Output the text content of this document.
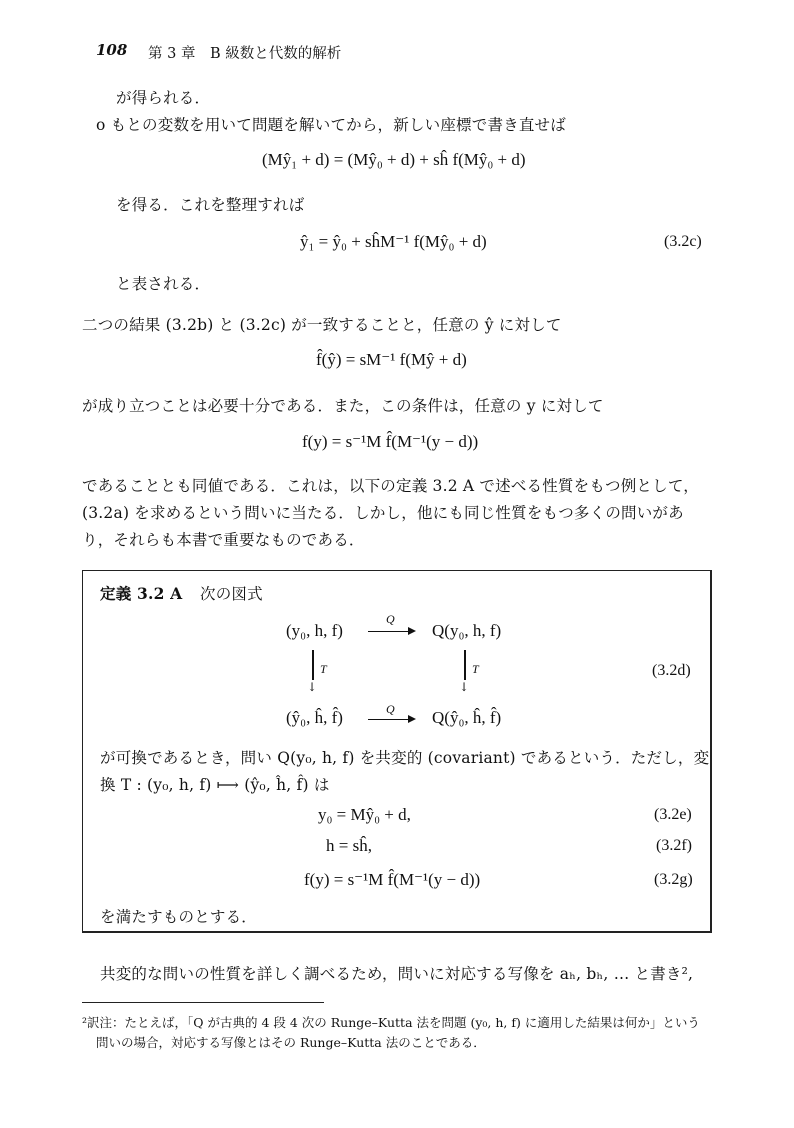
108 第 3 章　B 級数と代数的解析
が得られる．
o もとの変数を用いて問題を解いてから，新しい座標で書き直せば
(Mŷ₁ + d) = (Mŷ₀ + d) + sĥ f(Mŷ₀ + d)
を得る．これを整理すれば
ŷ₁ = ŷ₀ + sĥM⁻¹ f(Mŷ₀ + d)	(3.2c)
と表される．
二つの結果 (3.2b) と (3.2c) が一致することと，任意の ŷ に対して
f̂(ŷ) = sM⁻¹ f(Mŷ + d)
が成り立つことは必要十分である．また，この条件は，任意の y に対して
f(y) = s⁻¹M f̂(M⁻¹(y − d))
であることとも同値である．これは，以下の定義 3.2 A で述べる性質をもつ例として，
(3.2a) を求めるという問いに当たる．しかし，他にも同じ性質をもつ多くの問いがあ
り，それらも本書で重要なものである．
定義 3.2 A 次の図式
(y₀, h, f)
Q
Q(y₀, h, f)
↓
T
↓	T	(3.2d)
(ŷ₀, ĥ, f̂)	Q Q(ŷ₀, ĥ, f̂)
が可換であるとき，問い Q(y₀, h, f) を共変的 (covariant) であるという．ただし，変
換 T : (y₀, h, f) ⟼ (ŷ₀, ĥ, f̂) は
y₀ = Mŷ₀ + d,	(3.2e)
h = sĥ,	(3.2f)
f(y) = s⁻¹M f̂(M⁻¹(y − d))	(3.2g)
を満たすものとする．
共変的な問いの性質を詳しく調べるため，問いに対応する写像を aₕ, bₕ, … と書き²,
²訳注：たとえば，「Q が古典的 4 段 4 次の Runge–Kutta 法を問題 (y₀, h, f) に適用した結果は何か」という
問いの場合，対応する写像とはその Runge–Kutta 法のことである．
